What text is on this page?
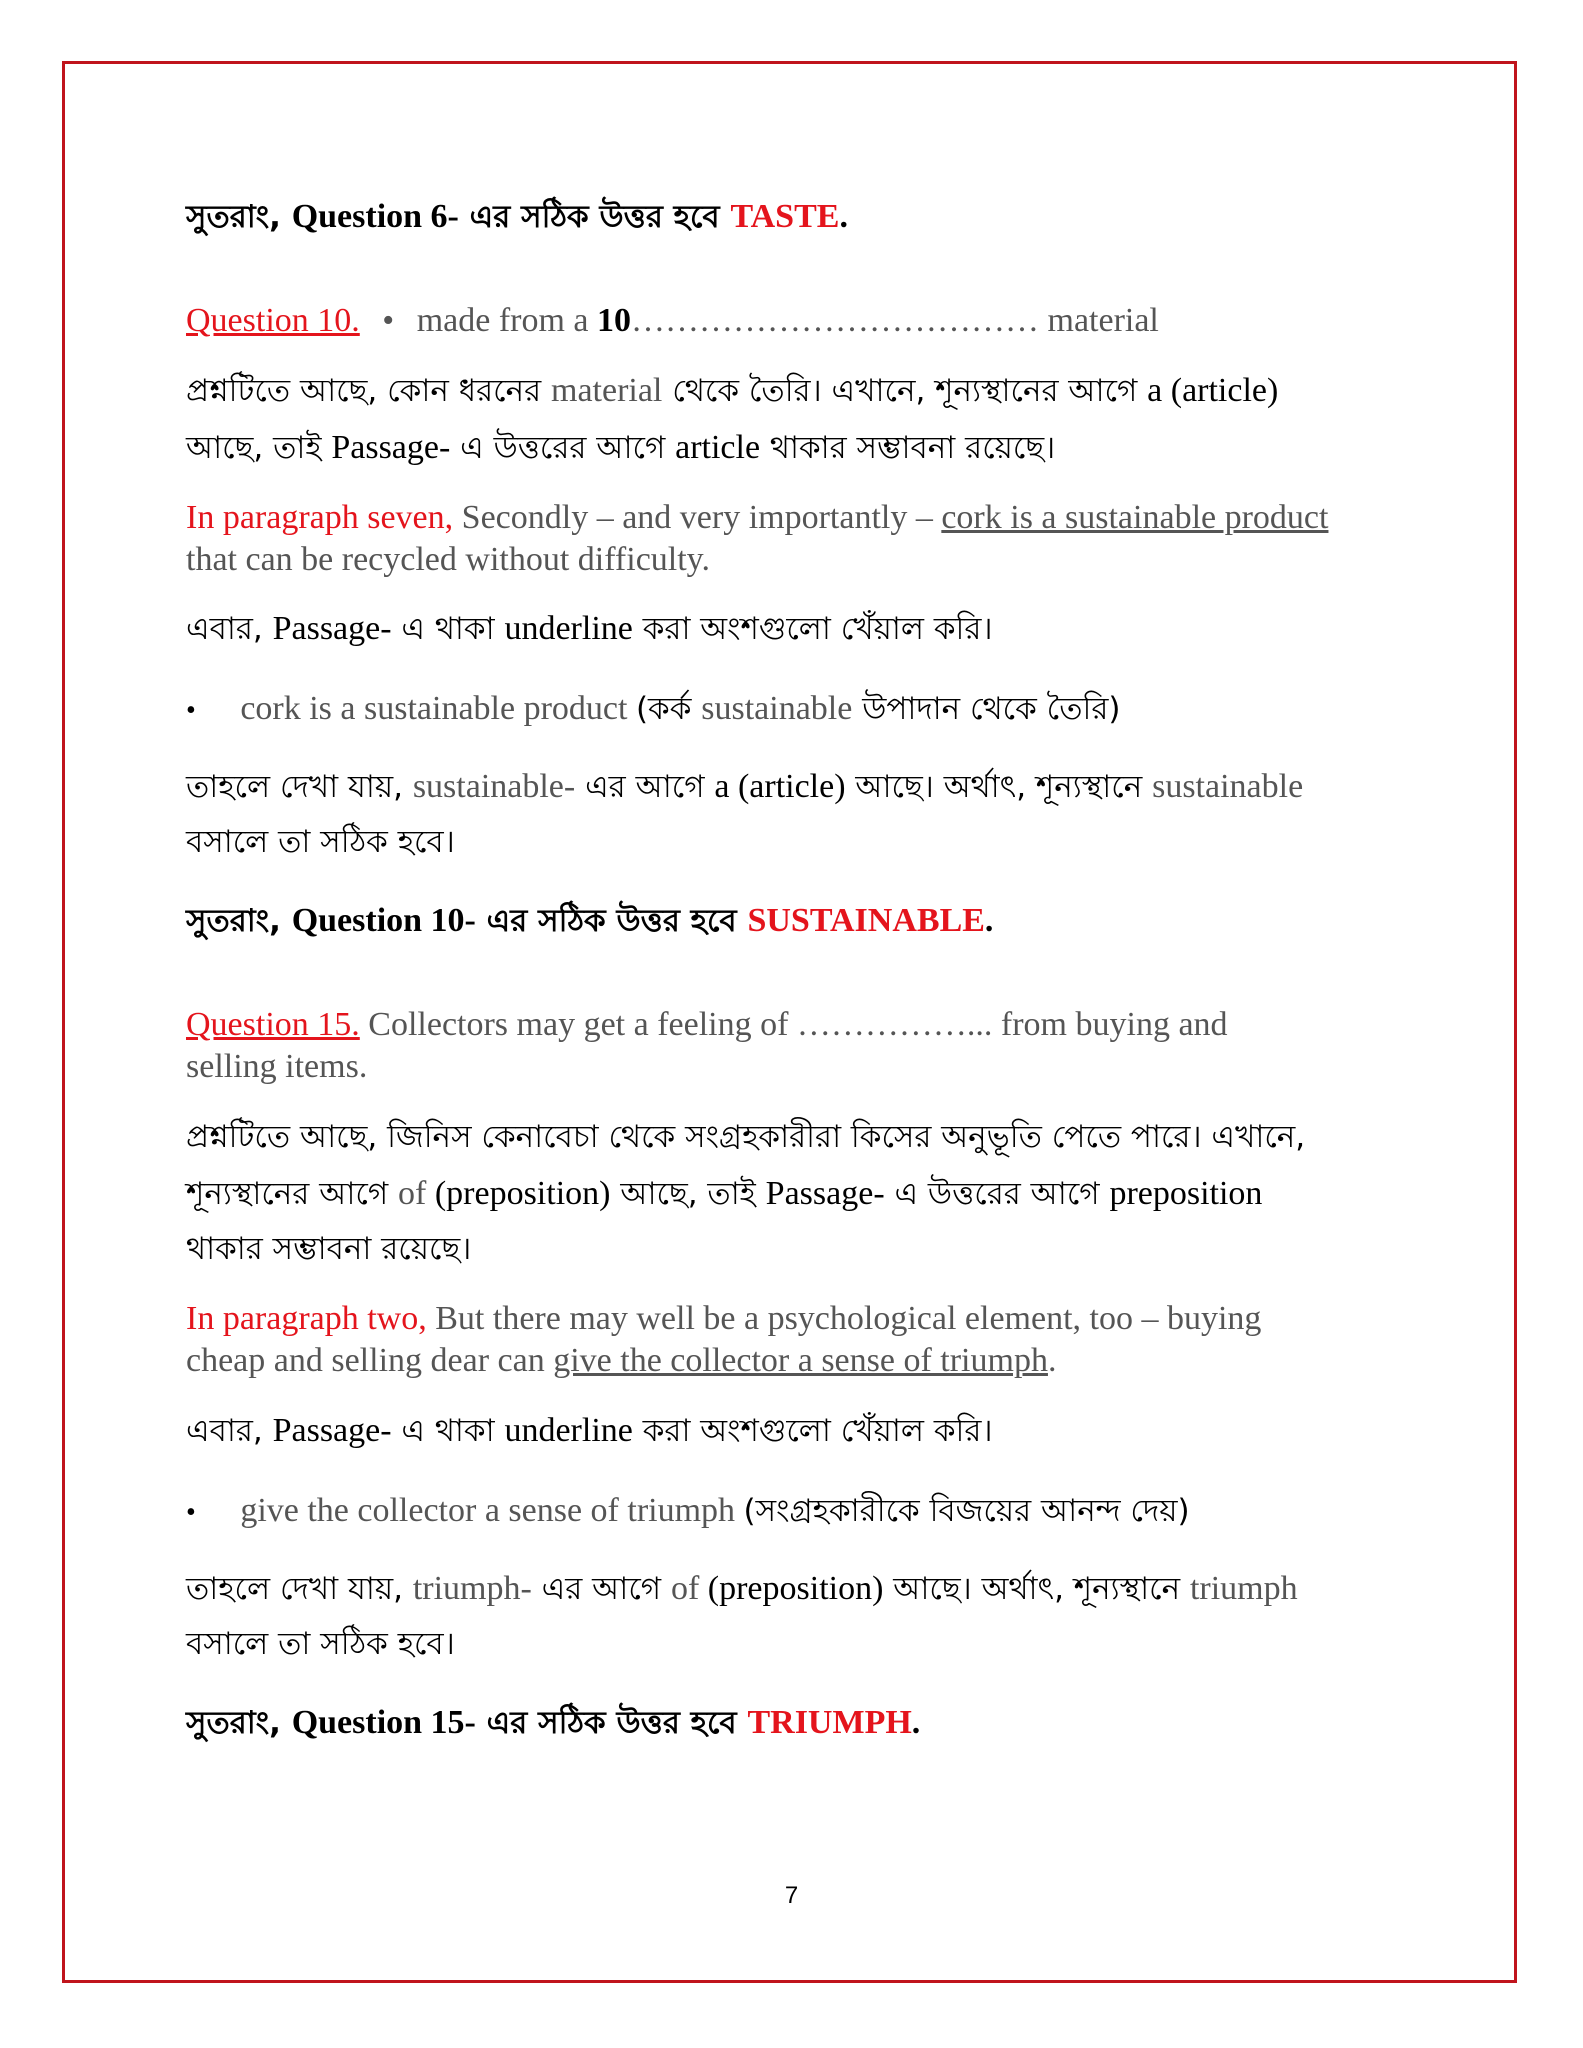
সুতরাং, Question 6- এর সঠিক উত্তর হবে TASTE.
Question 10. • made from a 10……………………………… material
প্রশ্নটিতে আছে, কোন ধরনের material থেকে তৈরি। এখানে, শূন্যস্থানের আগে a (article)
আছে, তাই Passage- এ উত্তরের আগে article থাকার সম্ভাবনা রয়েছে।
In paragraph seven, Secondly – and very importantly – cork is a sustainable product that can be recycled without difficulty.
এবার, Passage- এ থাকা underline করা অংশগুলো খেঁয়াল করি।
• cork is a sustainable product (কর্ক sustainable উপাদান থেকে তৈরি)
তাহলে দেখা যায়, sustainable- এর আগে a (article) আছে। অর্থাৎ, শূন্যস্থানে sustainable
বসালে তা সঠিক হবে।
সুতরাং, Question 10- এর সঠিক উত্তর হবে SUSTAINABLE.
Question 15. Collectors may get a feeling of ……………... from buying and
selling items.
প্রশ্নটিতে আছে, জিনিস কেনাবেচা থেকে সংগ্রহকারীরা কিসের অনুভূতি পেতে পারে। এখানে,
শূন্যস্থানের আগে of (preposition) আছে, তাই Passage- এ উত্তরের আগে preposition
থাকার সম্ভাবনা রয়েছে।
In paragraph two, But there may well be a psychological element, too – buying
cheap and selling dear can give the collector a sense of triumph.
এবার, Passage- এ থাকা underline করা অংশগুলো খেঁয়াল করি।
• give the collector a sense of triumph (সংগ্রহকারীকে বিজয়ের আনন্দ দেয়)
তাহলে দেখা যায়, triumph- এর আগে of (preposition) আছে। অর্থাৎ, শূন্যস্থানে triumph
বসালে তা সঠিক হবে।
সুতরাং, Question 15- এর সঠিক উত্তর হবে TRIUMPH.
7
